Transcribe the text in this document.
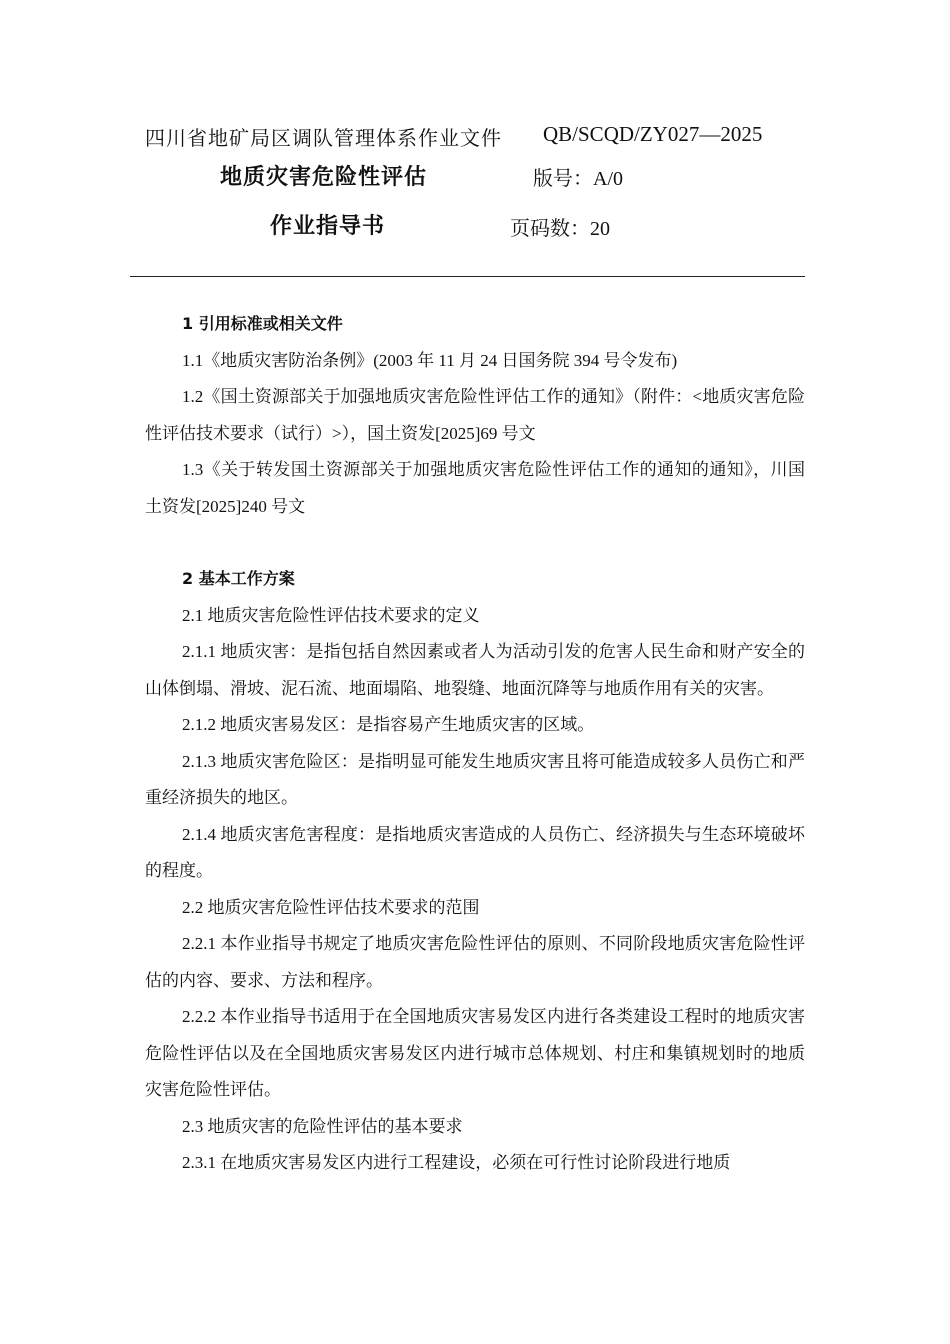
四川省地矿局区调队管理体系作业文件 QB/SCQD/ZY027—2025
地质灾害危险性评估	版号：A/0
作业指导书	页码数：20

1 引用标准或相关文件

1.1《地质灾害防治条例》(2003 年 11 月 24 日国务院 394 号令发布)

1.2《国土资源部关于加强地质灾害危险性评估工作的通知》（附件：<地质灾害危险性评估技术要求（试行）>），国土资发[2025]69 号文

1.3《关于转发国土资源部关于加强地质灾害危险性评估工作的通知的通知》，川国土资发[2025]240 号文

2 基本工作方案

2.1 地质灾害危险性评估技术要求的定义

2.1.1 地质灾害：是指包括自然因素或者人为活动引发的危害人民生命和财产安全的山体倒塌、滑坡、泥石流、地面塌陷、地裂缝、地面沉降等与地质作用有关的灾害。

2.1.2 地质灾害易发区：是指容易产生地质灾害的区域。

2.1.3 地质灾害危险区：是指明显可能发生地质灾害且将可能造成较多人员伤亡和严重经济损失的地区。

2.1.4 地质灾害危害程度：是指地质灾害造成的人员伤亡、经济损失与生态环境破坏的程度。

2.2 地质灾害危险性评估技术要求的范围

2.2.1 本作业指导书规定了地质灾害危险性评估的原则、不同阶段地质灾害危险性评估的内容、要求、方法和程序。

2.2.2 本作业指导书适用于在全国地质灾害易发区内进行各类建设工程时的地质灾害危险性评估以及在全国地质灾害易发区内进行城市总体规划、村庄和集镇规划时的地质灾害危险性评估。

2.3 地质灾害的危险性评估的基本要求

2.3.1 在地质灾害易发区内进行工程建设，必须在可行性讨论阶段进行地质
